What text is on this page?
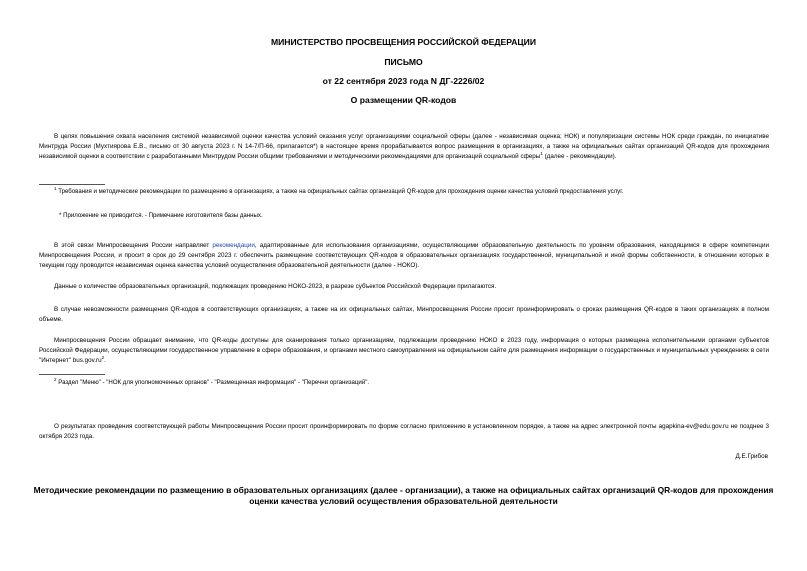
МИНИСТЕРСТВО ПРОСВЕЩЕНИЯ РОССИЙСКОЙ ФЕДЕРАЦИИ
ПИСЬМО
от 22 сентября 2023 года N ДГ-2226/02
О размещении QR-кодов

В целях повышения охвата населения системой независимой оценки качества условий оказания услуг организациями социальной сферы (далее - независимая оценка; НОК) и популяризации системы НОК среди граждан, по инициативе Минтруда России (Мухтиярова Е.В., письмо от 30 августа 2023 г. N 14-7/П-66, прилагается*) в настоящее время прорабатывается вопрос размещения в организациях, а также на официальных сайтах организаций QR-кодов для прохождения независимой оценки в соответствии с разработанными Минтрудом России общими требованиями и методическими рекомендациями для организаций социальной сферы$^1$ (далее - рекомендации).

$^1$ Требования и методические рекомендации по размещению в организациях, а также на официальных сайтах организаций QR-кодов для прохождения оценки качества условий предоставления услуг.

* Приложение не приводится. - Примечание изготовителя базы данных.

В этой связи Минпросвещения России направляет рекомендации, адаптированные для использования организациями, осуществляющими образовательную деятельность по уровням образования, находящимся в сфере компетенции Минпросвещения России, и просит в срок до 29 сентября 2023 г. обеспечить размещение соответствующих QR-кодов в образовательных организациях государственной, муниципальной и иной формы собственности, в отношении которых в текущем году проводится независимая оценка качества условий осуществления образовательной деятельности (далее - НОКО).

Данные о количестве образовательных организаций, подлежащих проведению НОКО-2023, в разрезе субъектов Российской Федерации прилагаются.

В случае невозможности размещения QR-кодов в соответствующих организациях, а также на их официальных сайтах, Минпросвещения России просит проинформировать о сроках размещения QR-кодов в таких организациях в полном объеме.

Минпросвещения России обращает внимание, что QR-коды доступны для сканирования только организациям, подлежащим проведению НОКО в 2023 году, информация о которых размещена исполнительными органами субъектов Российской Федерации, осуществляющими государственное управление в сфере образования, и органами местного самоуправления на официальном сайте для размещения информации о государственных и муниципальных учреждениях в сети "Интернет" $bus.gov.ru^2$.

$^2$ Раздел "Меню" - "НОК для уполномоченных органов" - "Размещенная информация" - "Перечни организаций".

О результатах проведения соответствующей работы Минпросвещения России просит проинформировать по форме согласно приложению в установленном порядке, а также на адрес электронной почты agapkina-ev@edu.gov.ru не позднее 3 октября 2023 года.

Д.Е.Грибов
Методические рекомендации по размещению в образовательных организациях (далее - организации), а также на официальных сайтах организаций QR-кодов для прохождения оценки качества условий осуществления образовательной деятельности
